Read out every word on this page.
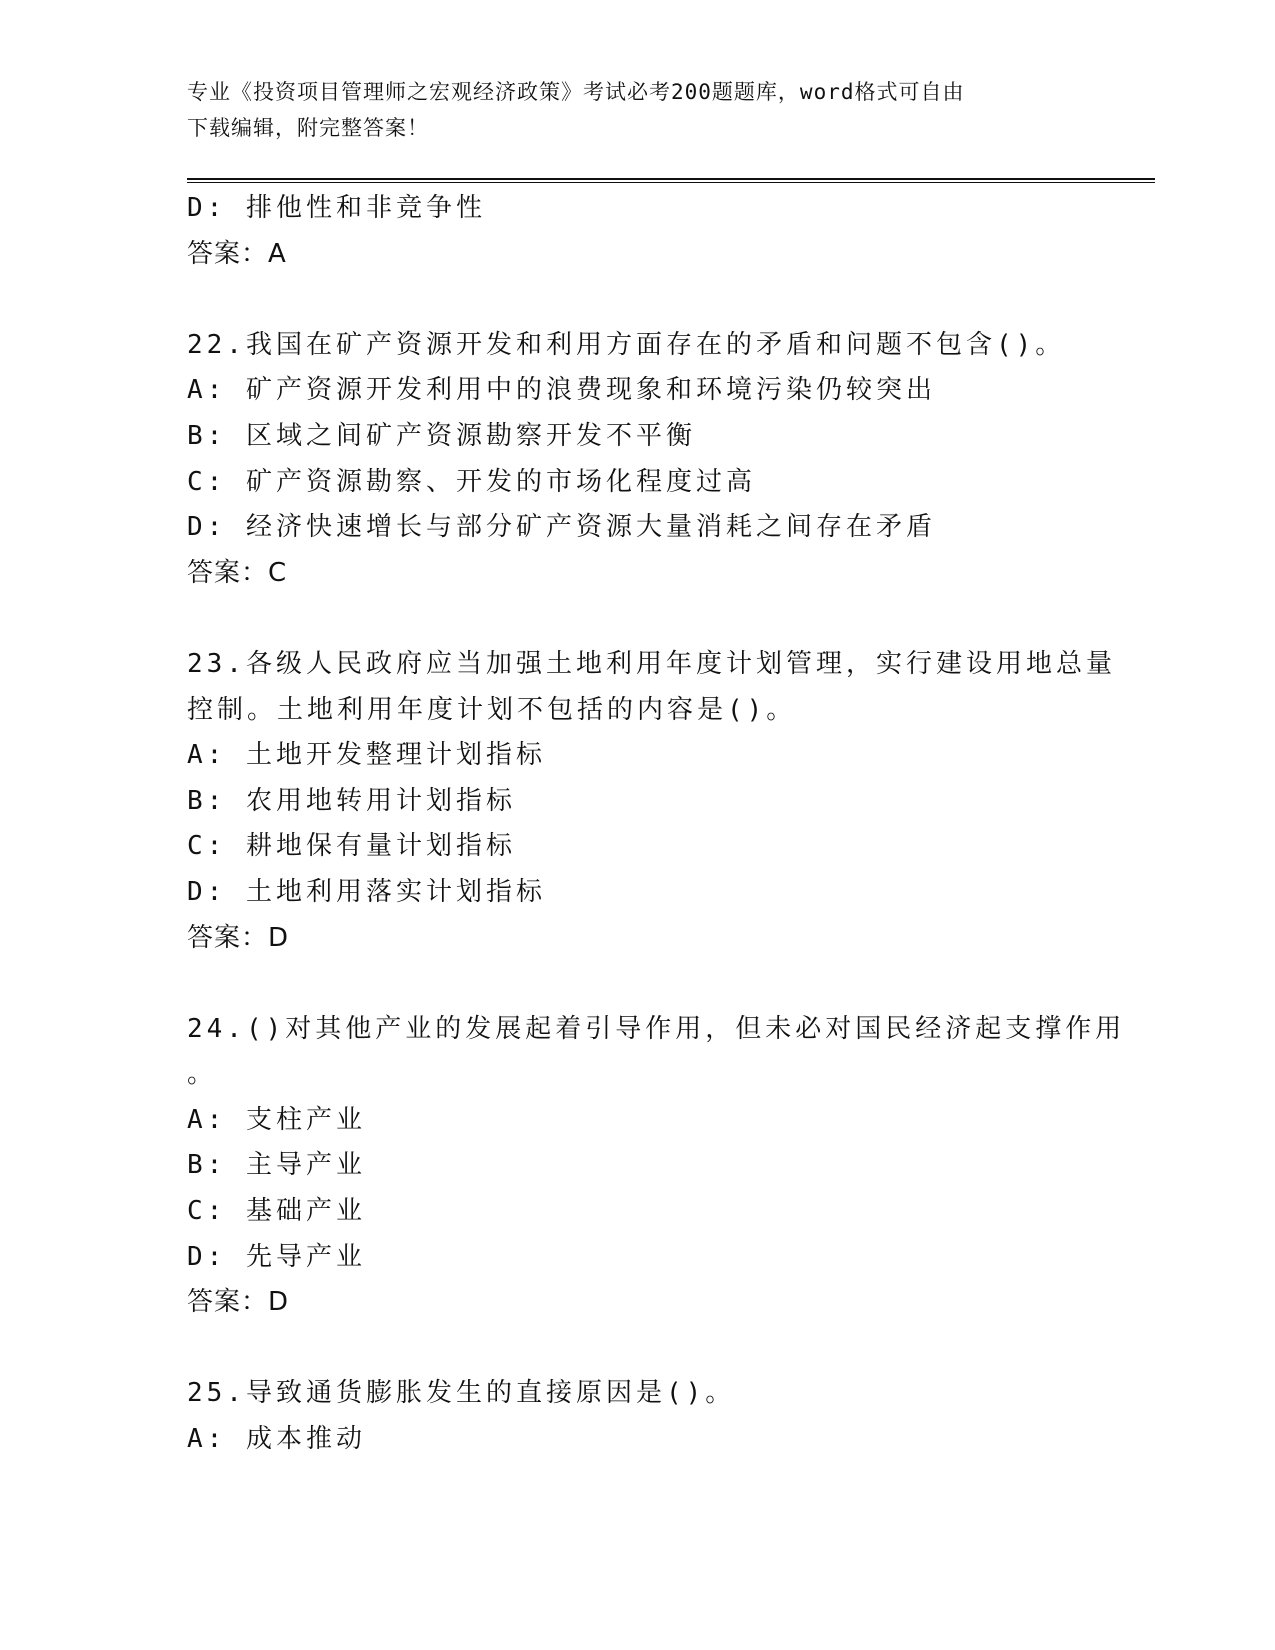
专业《投资项目管理师之宏观经济政策》考试必考200题题库，word格式可自由
下载编辑，附完整答案！
D: 排他性和非竞争性
答案：A
22.我国在矿产资源开发和利用方面存在的矛盾和问题不包含()。
A: 矿产资源开发利用中的浪费现象和环境污染仍较突出
B: 区域之间矿产资源勘察开发不平衡
C: 矿产资源勘察、开发的市场化程度过高
D: 经济快速增长与部分矿产资源大量消耗之间存在矛盾
答案：C
23.各级人民政府应当加强土地利用年度计划管理，实行建设用地总量
控制。土地利用年度计划不包括的内容是()。
A: 土地开发整理计划指标
B: 农用地转用计划指标
C: 耕地保有量计划指标
D: 土地利用落实计划指标
答案：D
24.()对其他产业的发展起着引导作用，但未必对国民经济起支撑作用
。
A: 支柱产业
B: 主导产业
C: 基础产业
D: 先导产业
答案：D
25.导致通货膨胀发生的直接原因是()。
A: 成本推动
